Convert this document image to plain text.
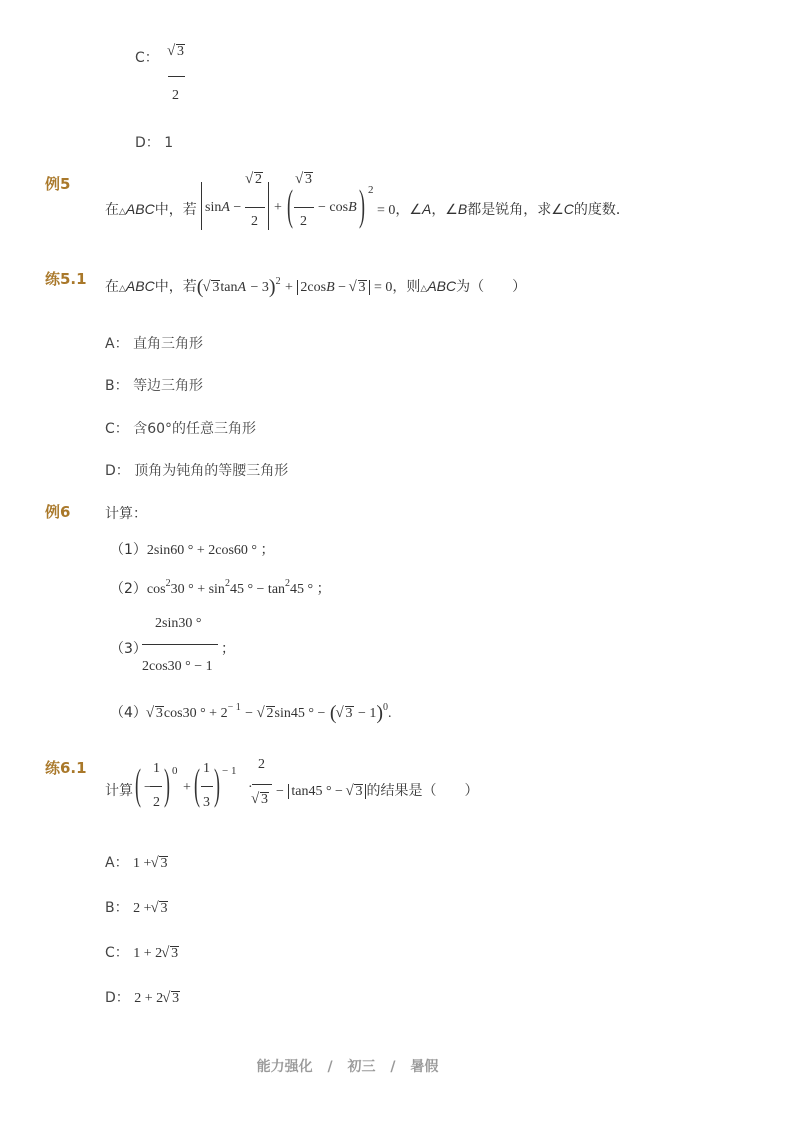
C：	√ 3
2
D： 1
例5
在△ABC中，若 sinA −
√ 2
2
+ (
√ 3
2
− cosB ) 2
= 0，∠A，∠B都是锐角，求∠C的度数．
练5.1 在△ABC中，若( √ 3tanA − 3)$^2$ + 2cosB − √ 3 = 0，则△ABC为（　　）
A： 直角三角形
B： 等边三角形
C： 含60°的任意三角形
D： 顶角为钝角的等腰三角形
例6 计算：
（1）2sin60 ° + 2cos60 ° ；
$(2)\cos^230$ ° + $\sin^245$ ° − $\tan^245$ ° ；
（3）
2sin30 °
2cos30 ° − 1
；
（4） √ 3cos30 ° + $2^{- 1}$ − √ 2sin45 ° − ( √ 3 − 1)$^0$.
练6.1
计算 ( −
1
2 ) 0
+ ( 1
3 ) − 1
·
2
√ 3
− tan45 ° − √ 3 的结果是（　　）
A： 1 + √ 3
B： 2 + √ 3
C： 1 + 2 √ 3
D： 2 + 2 √ 3
能力强化 / 初三 / 暑假
